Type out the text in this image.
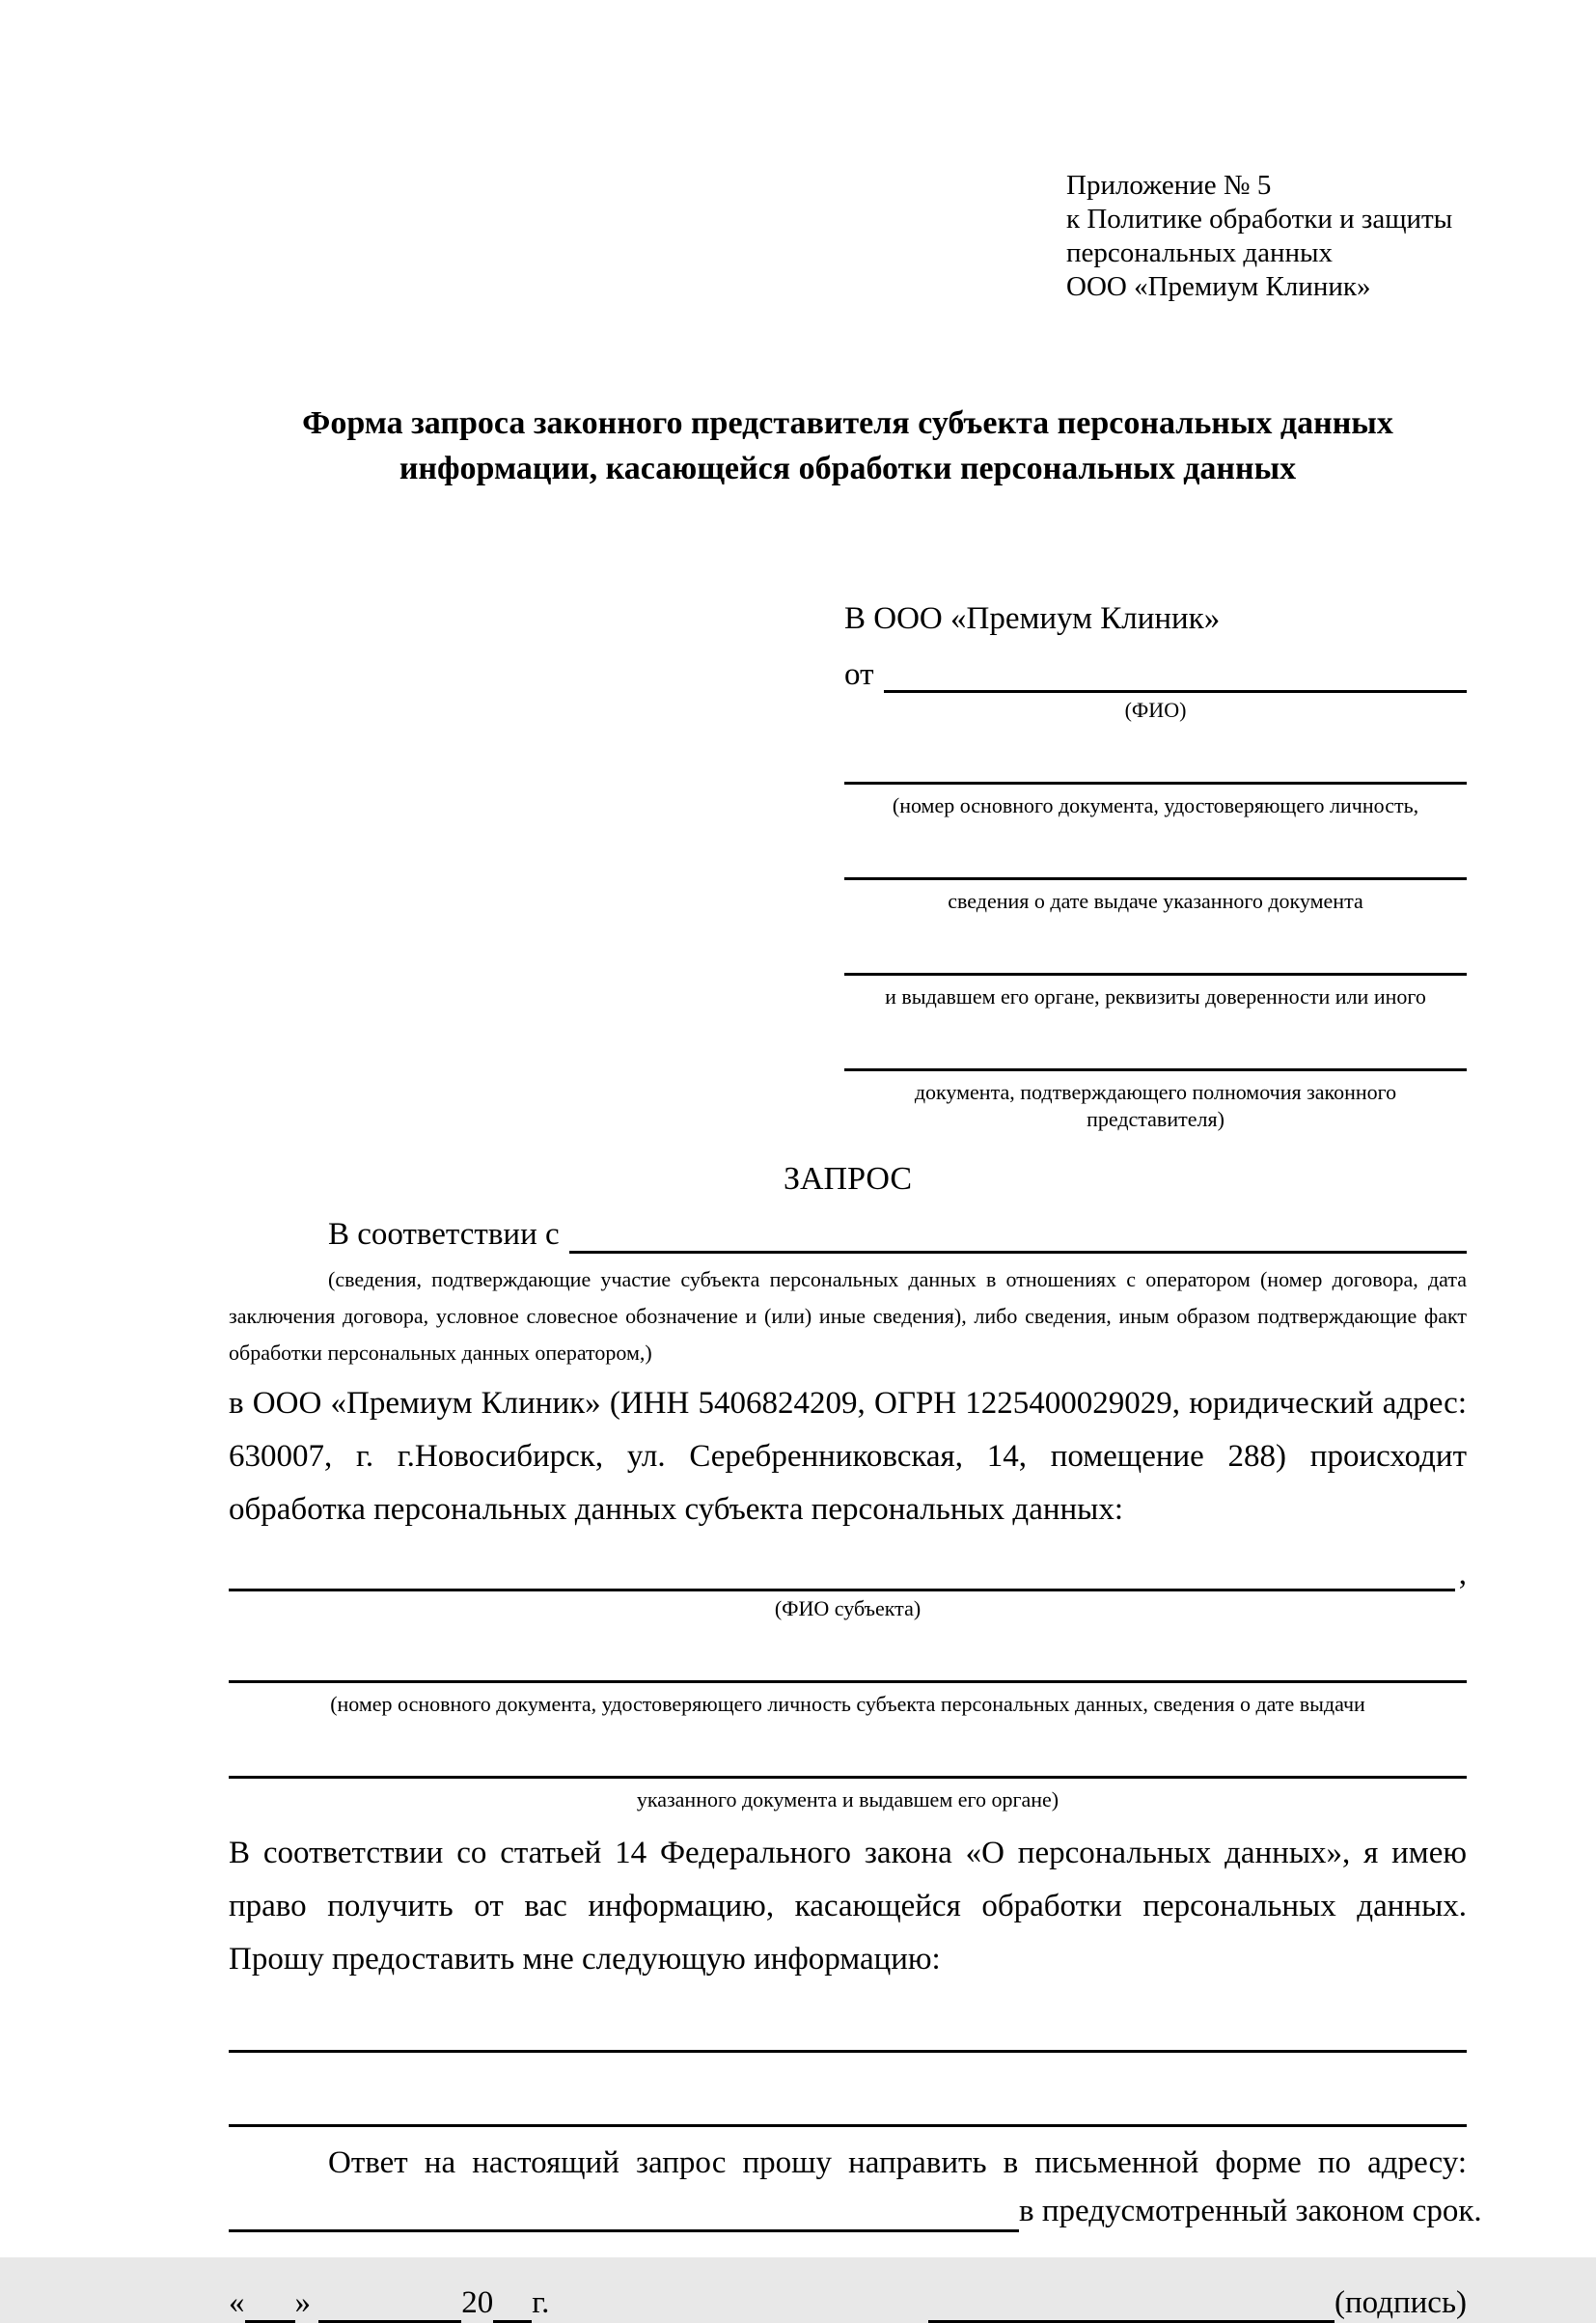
Приложение № 5
к Политике обработки и защиты
персональных данных
ООО «Премиум Клиник»
Форма запроса законного представителя субъекта персональных данных
информации, касающейся обработки персональных данных
В ООО «Премиум Клиник»
от
(ФИО)
(номер основного документа, удостоверяющего личность,
сведения о дате выдаче указанного документа
и выдавшем его органе, реквизиты доверенности или иного
документа, подтверждающего полномочия законного представителя)
ЗАПРОС
В соответствии с
(сведения, подтверждающие участие субъекта персональных данных в отношениях с оператором (номер договора, дата заключения договора, условное словесное обозначение и (или) иные сведения), либо сведения, иным образом подтверждающие факт обработки персональных данных оператором,)
в ООО «Премиум Клиник» (ИНН 5406824209, ОГРН 1225400029029, юридический адрес: 630007, г. г.Новосибирск, ул. Серебренниковская, 14, помещение 288) происходит обработка персональных данных субъекта персональных данных:
,
(ФИО субъекта)
(номер основного документа, удостоверяющего личность субъекта персональных данных, сведения о дате выдачи
указанного документа и выдавшем его органе)
В соответствии со статьей 14 Федерального закона «О персональных данных», я имею право получить от вас информацию, касающейся обработки персональных данных. Прошу предоставить мне следующую информацию:
Ответ на настоящий запрос прошу направить в письменной форме по адресу:
в предусмотренный законом срок.
« »
	20 г.	(подпись)
